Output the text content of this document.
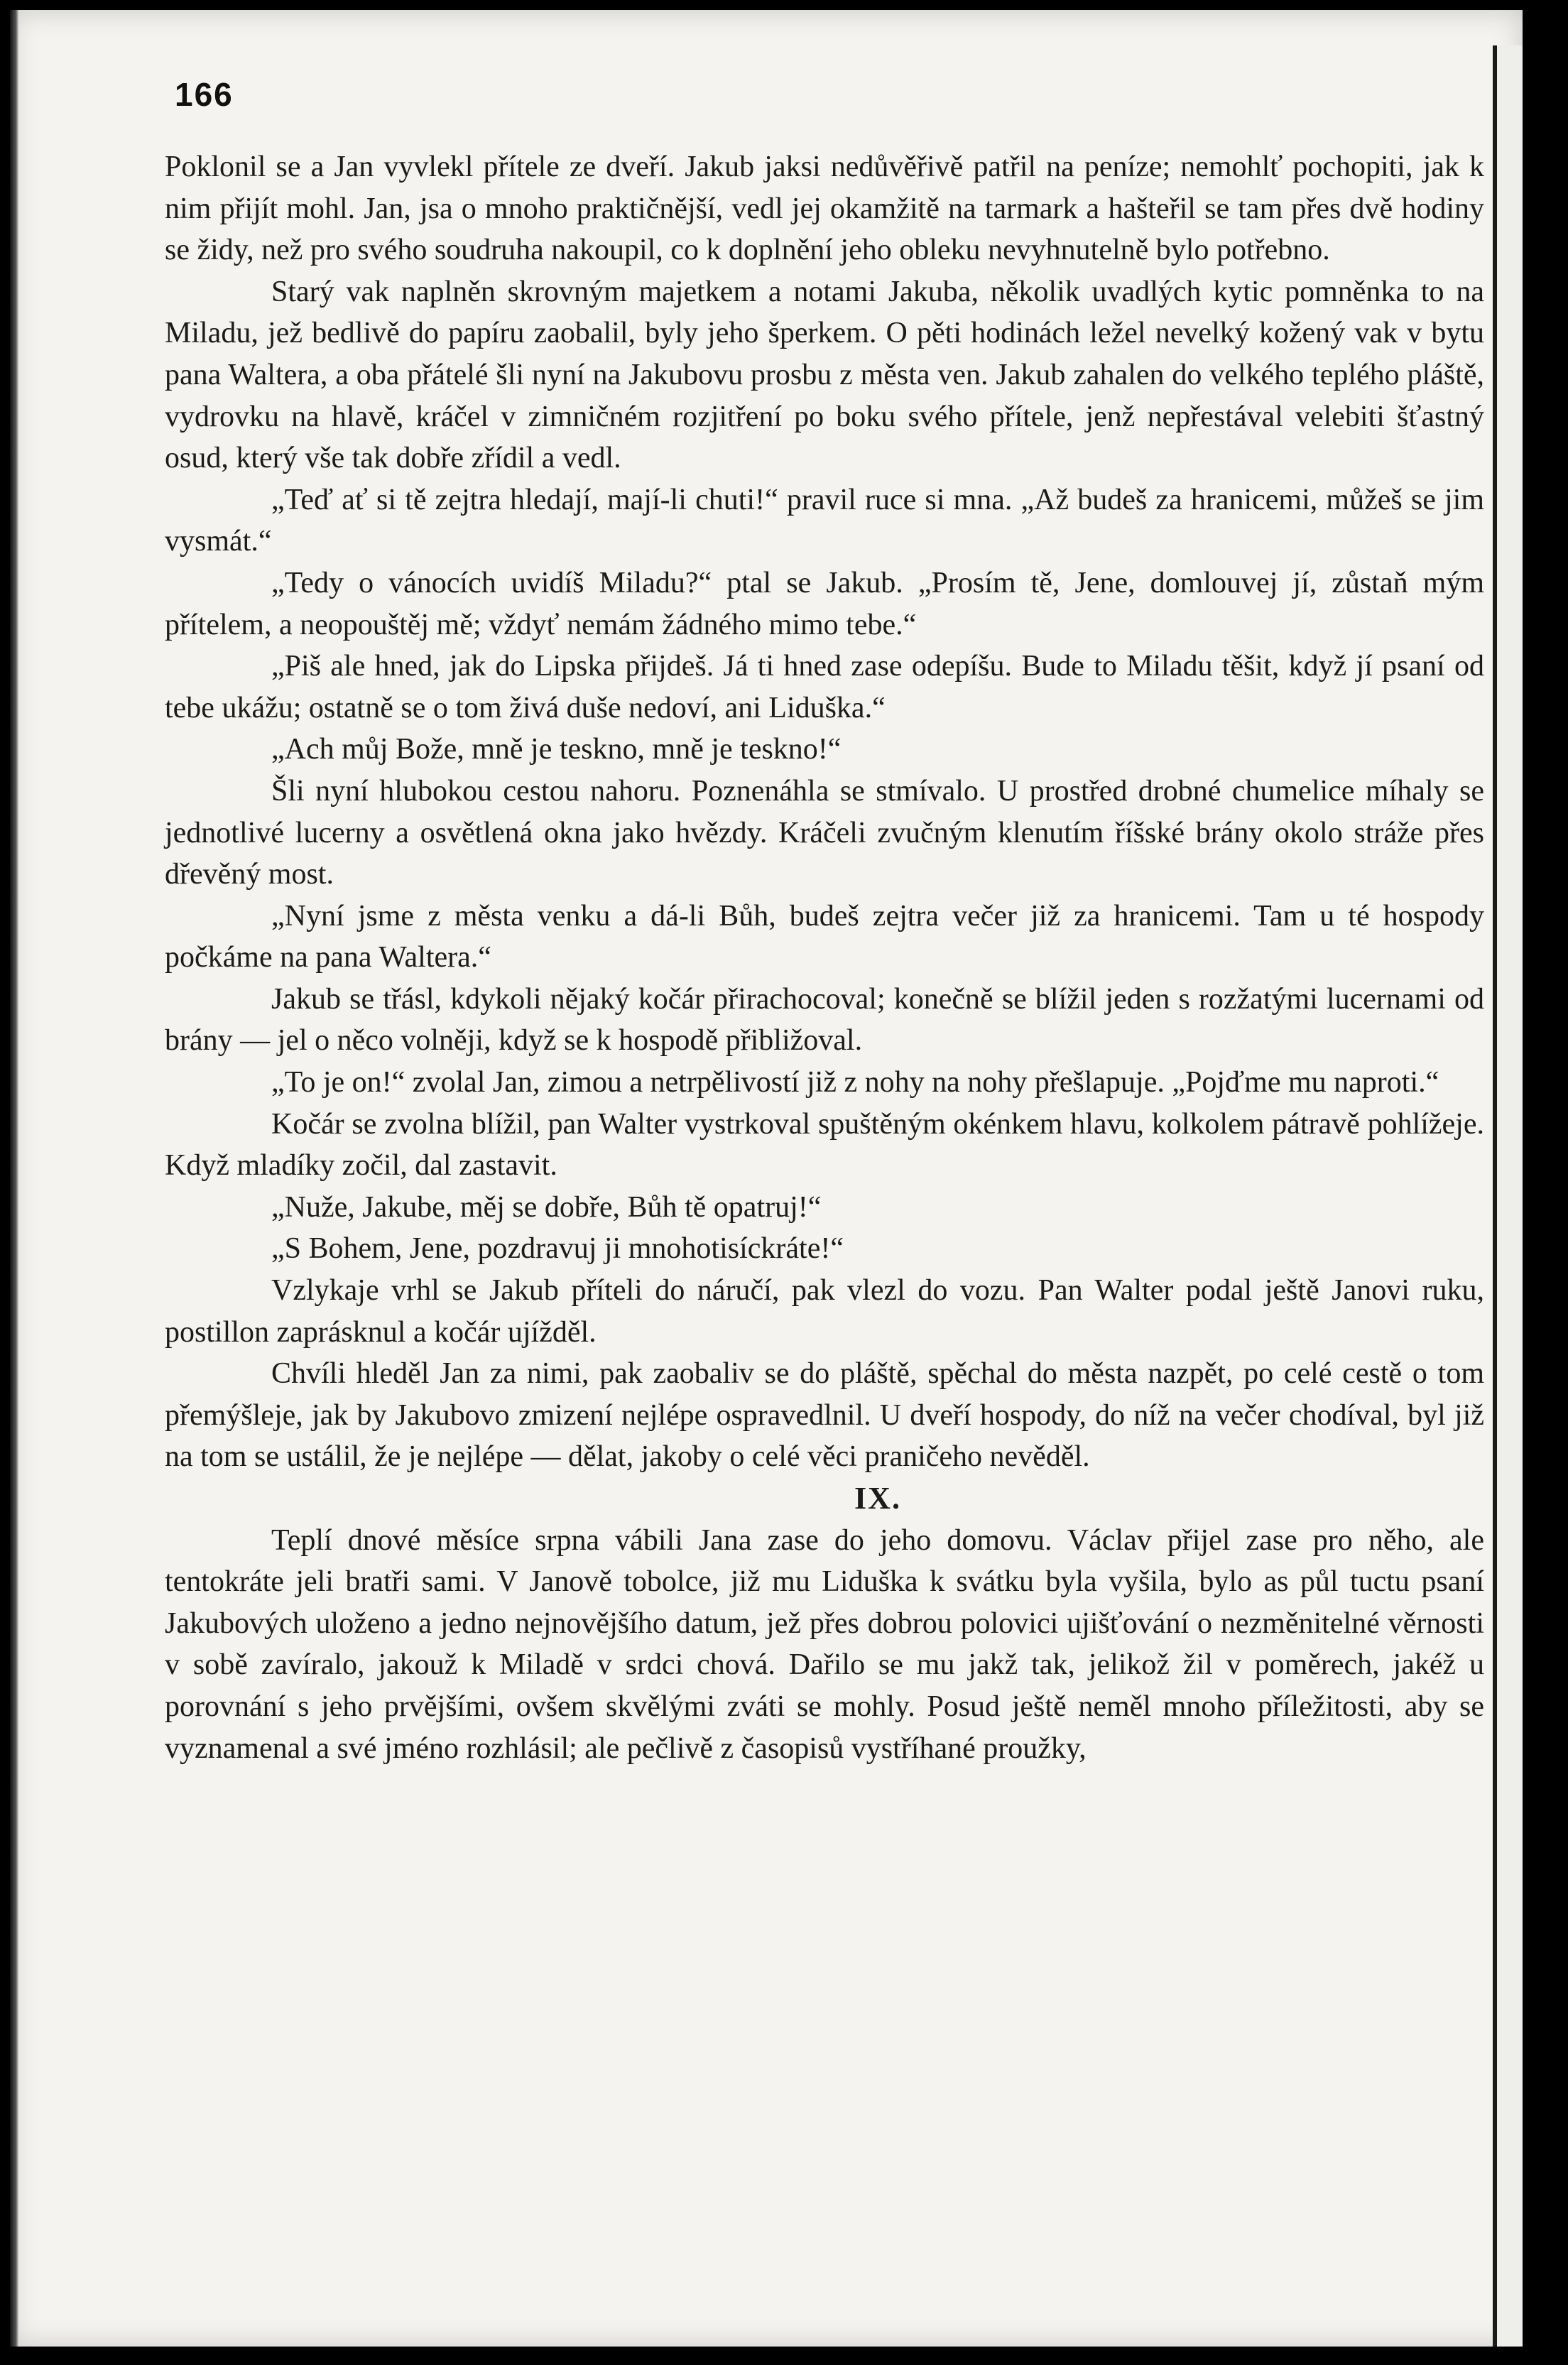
166

Poklonil se a Jan vyvlekl přítele ze dveří. Jakub jaksi nedůvěřivě patřil na peníze; nemohlť pochopiti, jak k nim přijít mohl. Jan, jsa o mnoho praktičnější, vedl jej okamžitě na tarmark a hašteřil se tam přes dvě hodiny se židy, než pro svého soudruha nakoupil, co k doplnění jeho obleku nevyhnutelně bylo potřebno.

Starý vak naplněn skrovným majetkem a notami Jakuba, několik uvadlých kytic pomněnka to na Miladu, jež bedlivě do papíru zaobalil, byly jeho šperkem. O pěti hodinách ležel nevelký kožený vak v bytu pana Waltera, a oba přátelé šli nyní na Jakubovu prosbu z města ven. Jakub zahalen do velkého teplého pláště, vydrovku na hlavě, kráčel v zimničném rozjitření po boku svého přítele, jenž nepřestával velebiti šťastný osud, který vše tak dobře zřídil a vedl.

„Teď ať si tě zejtra hledají, mají-li chuti!“ pravil ruce si mna. „Až budeš za hranicemi, můžeš se jim vysmát.“

„Tedy o vánocích uvidíš Miladu?“ ptal se Jakub. „Prosím tě, Jene, domlouvej jí, zůstaň mým přítelem, a neopouštěj mě; vždyť nemám žádného mimo tebe.“

„Piš ale hned, jak do Lipska přijdeš. Já ti hned zase odepíšu. Bude to Miladu těšit, když jí psaní od tebe ukážu; ostatně se o tom živá duše nedoví, ani Liduška.“

„Ach můj Bože, mně je teskno, mně je teskno!“

Šli nyní hlubokou cestou nahoru. Poznenáhla se stmívalo. U prostřed drobné chumelice míhaly se jednotlivé lucerny a osvětlená okna jako hvězdy. Kráčeli zvučným klenutím říšské brány okolo stráže přes dřevěný most.

„Nyní jsme z města venku a dá-li Bůh, budeš zejtra večer již za hranicemi. Tam u té hospody počkáme na pana Waltera.“

Jakub se třásl, kdykoli nějaký kočár přirachocoval; konečně se blížil jeden s rozžatými lucernami od brány — jel o něco volněji, když se k hospodě přibližoval.

„To je on!“ zvolal Jan, zimou a netrpělivostí již z nohy na nohy přešlapuje. „Pojďme mu naproti.“

Kočár se zvolna blížil, pan Walter vystrkoval spuštěným okénkem hlavu, kolkolem pátravě pohlížeje. Když mladíky zočil, dal zastavit.

„Nuže, Jakube, měj se dobře, Bůh tě opatruj!“

„S Bohem, Jene, pozdravuj ji mnohotisíckráte!“

Vzlykaje vrhl se Jakub příteli do náručí, pak vlezl do vozu. Pan Walter podal ještě Janovi ruku, postillon zaprásknul a kočár ujížděl.

Chvíli hleděl Jan za nimi, pak zaobaliv se do pláště, spěchal do města nazpět, po celé cestě o tom přemýšleje, jak by Jakubovo zmizení nejlépe ospravedlnil. U dveří hospody, do níž na večer chodíval, byl již na tom se ustálil, že je nejlépe — dělat, jakoby o celé věci praničeho nevěděl.

IX.

Teplí dnové měsíce srpna vábili Jana zase do jeho domovu. Václav přijel zase pro něho, ale tentokráte jeli bratři sami. V Janově tobolce, již mu Liduška k svátku byla vyšila, bylo as půl tuctu psaní Jakubových uloženo a jedno nejnovějšího datum, jež přes dobrou polovici ujišťování o nezměnitelné věrnosti v sobě zavíralo, jakouž k Miladě v srdci chová. Dařilo se mu jakž tak, jelikož žil v poměrech, jakéž u porovnání s jeho prvějšími, ovšem skvělými zváti se mohly. Posud ještě neměl mnoho příležitosti, aby se vyznamenal a své jméno rozhlásil; ale pečlivě z časopisů vystříhané proužky,
